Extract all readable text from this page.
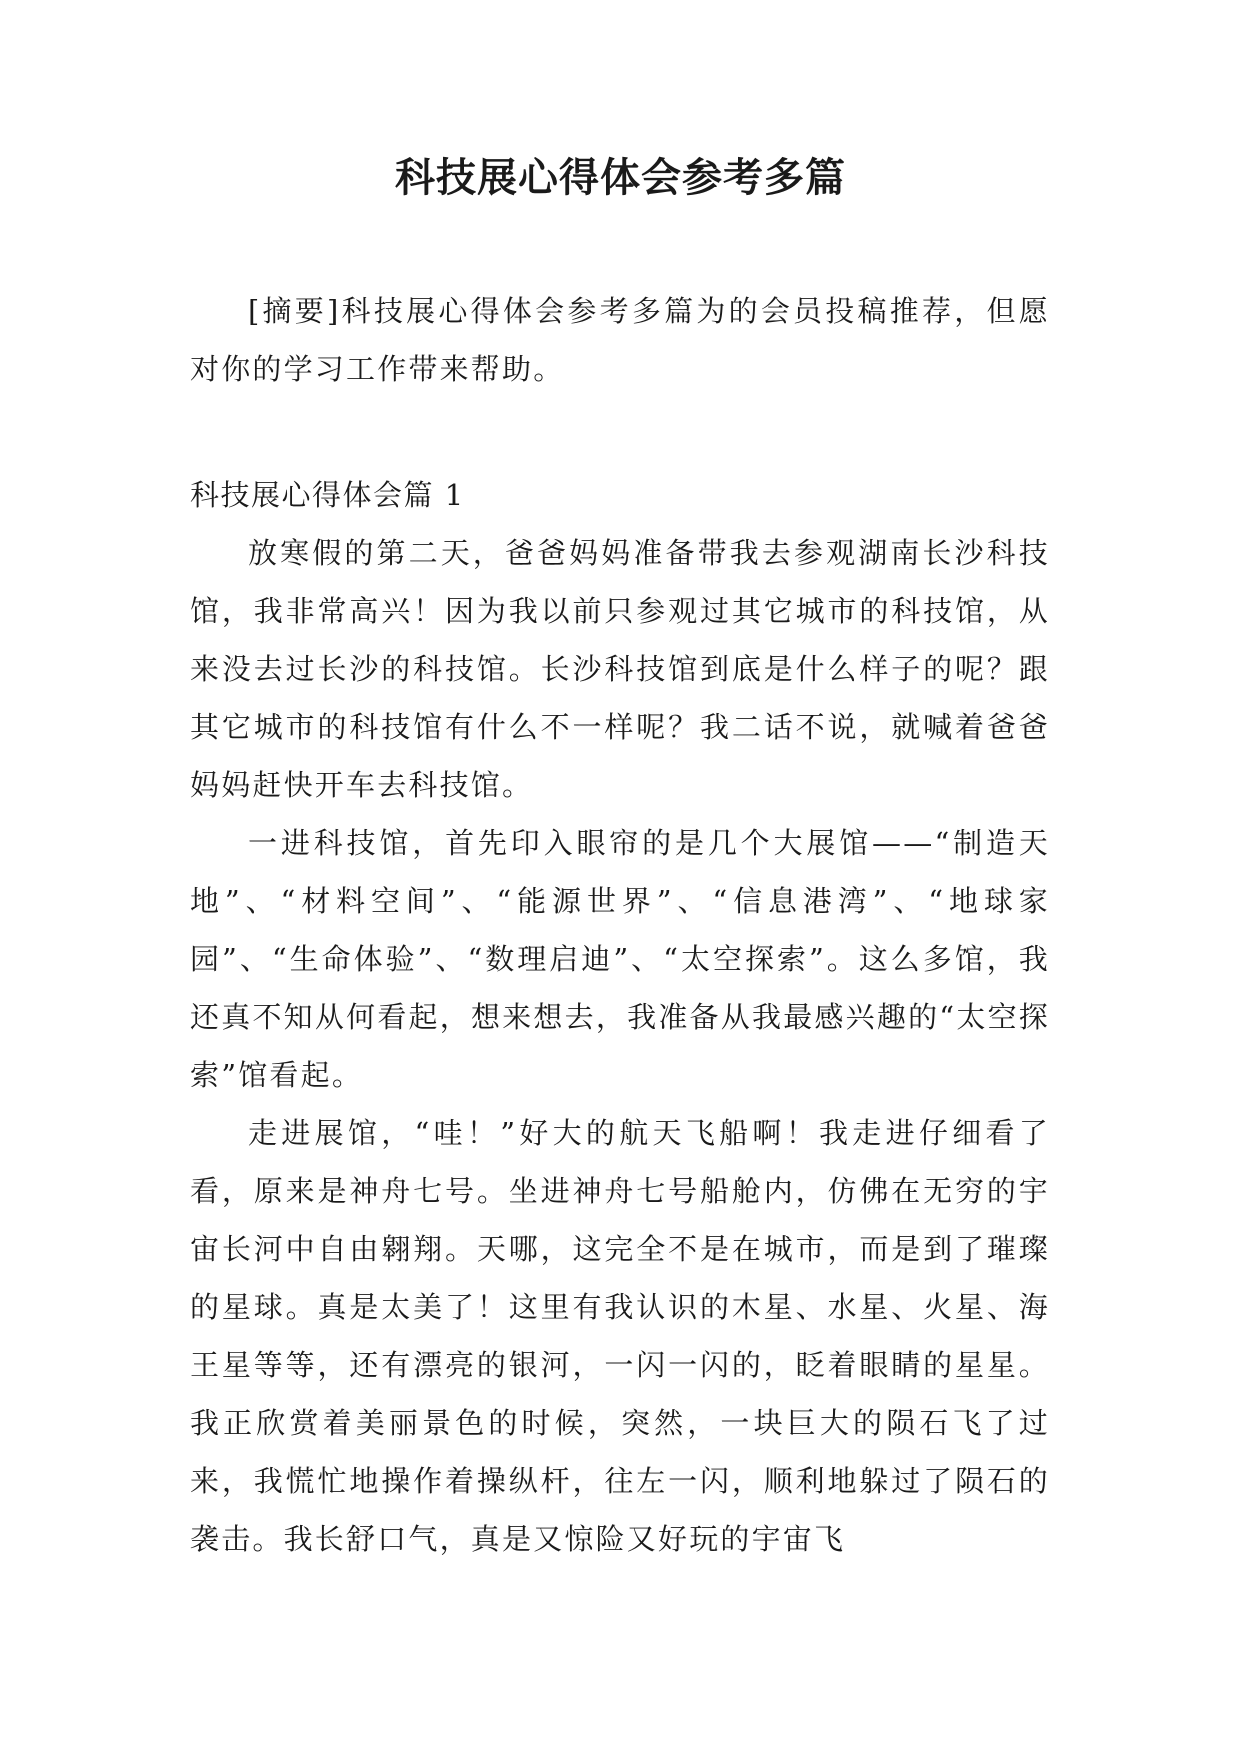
科技展心得体会参考多篇

[摘要]科技展心得体会参考多篇为的会员投稿推荐，但愿对你的学习工作带来帮助。

科技展心得体会篇 1

放寒假的第二天，爸爸妈妈准备带我去参观湖南长沙科技馆，我非常高兴！因为我以前只参观过其它城市的科技馆，从来没去过长沙的科技馆。长沙科技馆到底是什么样子的呢？跟其它城市的科技馆有什么不一样呢？我二话不说，就喊着爸爸妈妈赶快开车去科技馆。

一进科技馆，首先印入眼帘的是几个大展馆——“制造天地”、“材料空间”、“能源世界”、“信息港湾”、“地球家园”、“生命体验”、“数理启迪”、“太空探索”。这么多馆，我还真不知从何看起，想来想去，我准备从我最感兴趣的“太空探索”馆看起。

走进展馆，“哇！”好大的航天飞船啊！我走进仔细看了看，原来是神舟七号。坐进神舟七号船舱内，仿佛在无穷的宇宙长河中自由翱翔。天哪，这完全不是在城市，而是到了璀璨的星球。真是太美了！这里有我认识的木星、水星、火星、海王星等等，还有漂亮的银河，一闪一闪的，眨着眼睛的星星。我正欣赏着美丽景色的时候，突然，一块巨大的陨石飞了过来，我慌忙地操作着操纵杆，往左一闪，顺利地躲过了陨石的袭击。我长舒口气，真是又惊险又好玩的宇宙飞
